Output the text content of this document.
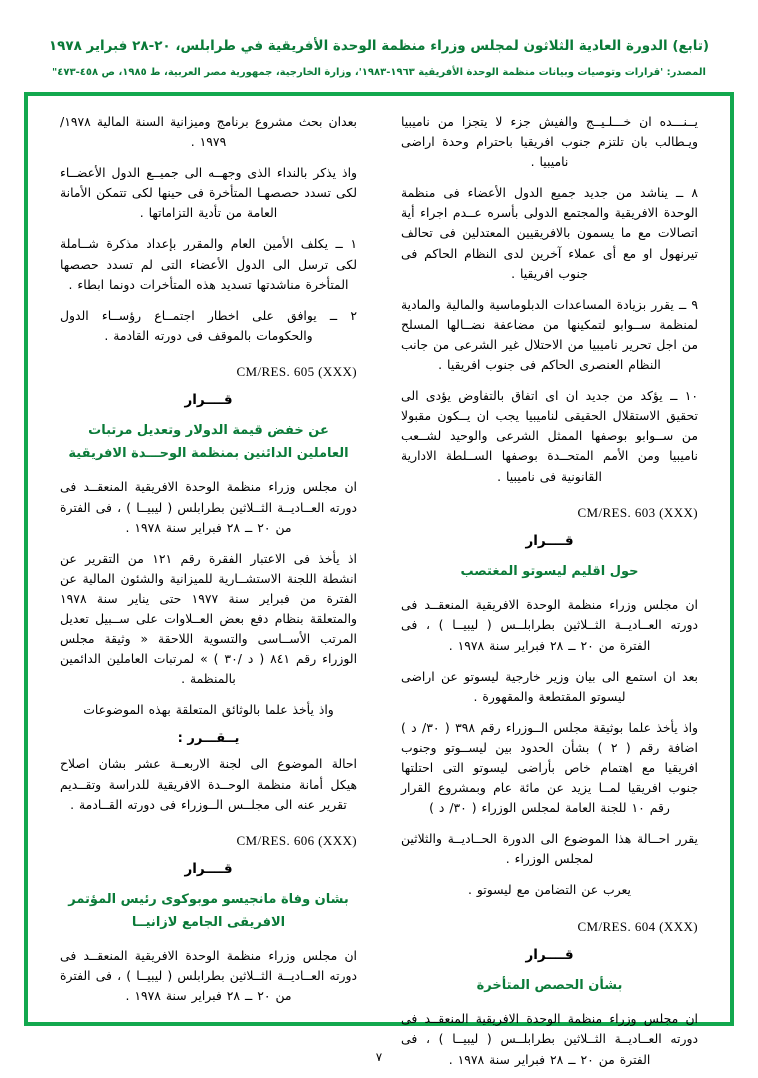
(تابع) الدورة العادية الثلاثون لمجلس وزراء منظمة الوحدة الأفريقية في طرابلس، ٢٠-٢٨ فبراير ١٩٧٨
المصدر: 'قرارات وتوصيات وبيانات منظمة الوحدة الأفريقية ١٩٦٣-١٩٨٣'، وزارة الخارجية، جمهورية مصر العربية، ط ١٩٨٥، ص ٤٥٨-٤٧٣"

يــنـــده ان خـــلـيــج والفيش جزء لا يتجزا من ناميبيا ويـطالب بان تلتزم جنوب افريقيا باحترام وحدة اراضى ناميبيا .

٨ ــ يناشد من جديد جميع الدول الأعضاء فى منظمة الوحدة الافريقية والمجتمع الدولى بأسره عــدم اجراء أية اتصالات مع ما يسمون بالافريقيين المعتدلين فى تحالف تيرنهول او مع أى عملاء آخرين لدى النظام الحاكم فى جنوب افريقيا .

٩ ــ يقرر بزيادة المساعدات الدبلوماسية والمالية والمادية لمنظمة ســوابو لتمكينها من مضاعفة نضــالها المسلح من اجل تحرير ناميبيا من الاحتلال غير الشرعى من جانب النظام العنصرى الحاكم فى جنوب افريقيا .

١٠ ــ يؤكد من جديد ان اى اتفاق بالتفاوض يؤدى الى تحقيق الاستقلال الحقيقى لناميبيا يجب ان يــكون مقبولا من ســوابو بوصفها الممثل الشرعى والوحيد لشــعب ناميبيا ومن الأمم المتحــدة بوصفها الســلطة الادارية القانونية فى ناميبيا .

CM/RES. 603 (XXX)
قــــرار
حول اقليم ليسوتو المغتصب

ان مجلس وزراء منظمة الوحدة الافريقية المنعقــد فى دورته العــاديــة الثــلاثين بطرابلــس ( ليبيــا ) ، فى الفترة من ٢٠ ــ ٢٨ فبراير سنة ١٩٧٨ .

بعد ان استمع الى بيان وزير خارجية ليسوتو عن اراضى ليسوتو المقتطعة والمقهورة .

واذ يأخذ علما بوثيقة مجلس الــوزراء رقم ٣٩٨ ( ٣٠/ د ) اضافة رقم ( ٢ ) بشأن الحدود بين ليســوتو وجنوب افريقيا مع اهتمام خاص بأراضى ليسوتو التى احتلتها جنوب افريقيا لمــا يزيد عن مائة عام وبمشروع القرار رقم ١٠ للجنة العامة لمجلس الوزراء ( ٣٠/ د )

يقرر احــالة هذا الموضوع الى الدورة الحــاديــة والثلاثين لمجلس الوزراء .

يعرب عن التضامن مع ليسوتو .

CM/RES. 604 (XXX)
قــــرار
بشأن الحصص المتأخرة

ان مجلس وزراء منظمة الوحدة الافريقية المنعقــد فى دورته العــاديــة الثــلاثين بطرابلــس ( ليبيــا ) ، فى الفترة من ٢٠ ــ ٢٨ فبراير سنة ١٩٧٨ .

بعدان بحث مشروع برنامج وميزانية السنة المالية ١٩٧٨/ ١٩٧٩ .

واذ يذكر بالنداء الذى وجهــه الى جميــع الدول الأعضــاء لكى تسدد حصصهـا المتأخرة فى حينها لكى تتمكن الأمانة العامة من تأدية التزاماتها .

١ ــ يكلف الأمين العام والمقرر بإعداد مذكرة شــاملة لكى ترسل الى الدول الأعضاء التى لم تسدد حصصها المتأخرة مناشدتها تسديد هذه المتأخرات دونما ابطاء .

٢ ــ يوافق على اخطار اجتمــاع رؤســاء الدول والحكومات بالموقف فى دورته القادمة .

CM/RES. 605 (XXX)
قــــرار
عن خفض قيمة الدولار وتعديل مرتبات العاملين الدائنين بمنظمة الوحـــدة الافريقية

ان مجلس وزراء منظمة الوحدة الافريقية المنعقــد فى دورته العــاديــة الثــلاثين بطرابلس ( ليبيــا ) ، فى الفترة من ٢٠ ــ ٢٨ فبراير سنة ١٩٧٨ .

اذ يأخذ فى الاعتبار الفقرة رقم ١٢١ من التقرير عن انشطة اللجنة الاستشــارية للميزانية والشئون المالية عن الفترة من فبراير سنة ١٩٧٧ حتى يناير سنة ١٩٧٨ والمتعلقة بنظام دفع بعض العــلاوات على ســبيل تعديل المرتب الأســاسى والتسوية اللاحقة « وثيقة مجلس الوزراء رقم ٨٤١ ( د /٣٠ ) » لمرتبات العاملين الدائمين بالمنظمة .

واذ يأخذ علما بالوثائق المتعلقة بهذه الموضوعات

يــقـــرر :

احالة الموضوع الى لجنة الاربعــة عشر بشان اصلاح هيكل أمانة منظمة الوحــدة الافريقية للدراسة وتقــديم تقرير عنه الى مجلــس الــوزراء فى دورته القــادمة .

CM/RES. 606 (XXX)
قــــرار
بشان وفاة مانجيسو موبوكوى رئيس المؤتمر الافريقى الجامع لازانيــا

ان مجلس وزراء منظمة الوحدة الافريقية المنعقــد فى دورته العــاديــة الثــلاثين بطرابلس ( ليبيــا ) ، فى الفترة من ٢٠ ــ ٢٨ فبراير سنة ١٩٧٨ .

٧
